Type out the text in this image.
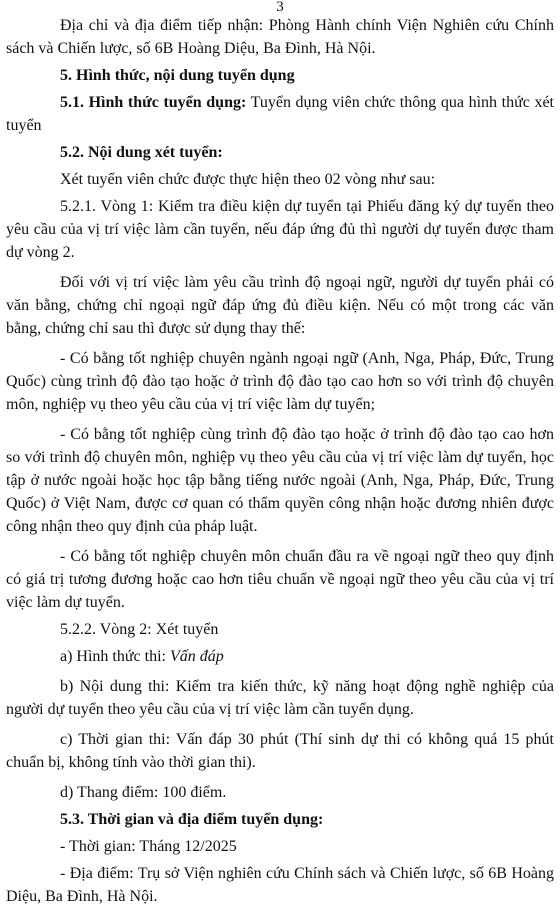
3

Địa chỉ và địa điểm tiếp nhận: Phòng Hành chính Viện Nghiên cứu Chính sách và Chiến lược, số 6B Hoàng Diệu, Ba Đình, Hà Nội.

5. Hình thức, nội dung tuyển dụng

5.1. Hình thức tuyển dụng: Tuyển dụng viên chức thông qua hình thức xét tuyển

5.2. Nội dung xét tuyển:

Xét tuyển viên chức được thực hiện theo 02 vòng như sau:

5.2.1. Vòng 1: Kiểm tra điều kiện dự tuyển tại Phiếu đăng ký dự tuyển theo yêu cầu của vị trí việc làm cần tuyển, nếu đáp ứng đủ thì người dự tuyển được tham dự vòng 2.

Đối với vị trí việc làm yêu cầu trình độ ngoại ngữ, người dự tuyển phải có văn bằng, chứng chỉ ngoại ngữ đáp ứng đủ điều kiện. Nếu có một trong các văn bằng, chứng chỉ sau thì được sử dụng thay thế:

- Có bằng tốt nghiệp chuyên ngành ngoại ngữ (Anh, Nga, Pháp, Đức, Trung Quốc) cùng trình độ đào tạo hoặc ở trình độ đào tạo cao hơn so với trình độ chuyên môn, nghiệp vụ theo yêu cầu của vị trí việc làm dự tuyển;

- Có bằng tốt nghiệp cùng trình độ đào tạo hoặc ở trình độ đào tạo cao hơn so với trình độ chuyên môn, nghiệp vụ theo yêu cầu của vị trí việc làm dự tuyển, học tập ở nước ngoài hoặc học tập bằng tiếng nước ngoài (Anh, Nga, Pháp, Đức, Trung Quốc) ở Việt Nam, được cơ quan có thẩm quyền công nhận hoặc đương nhiên được công nhận theo quy định của pháp luật.

- Có bằng tốt nghiệp chuyên môn chuẩn đầu ra về ngoại ngữ theo quy định có giá trị tương đương hoặc cao hơn tiêu chuẩn về ngoại ngữ theo yêu cầu của vị trí việc làm dự tuyển.

5.2.2. Vòng 2: Xét tuyển

a) Hình thức thi: Vấn đáp

b) Nội dung thi: Kiểm tra kiến thức, kỹ năng hoạt động nghề nghiệp của người dự tuyển theo yêu cầu của vị trí việc làm cần tuyển dụng.

c) Thời gian thi: Vấn đáp 30 phút (Thí sinh dự thi có không quá 15 phút chuẩn bị, không tính vào thời gian thi).

d) Thang điểm: 100 điểm.

5.3. Thời gian và địa điểm tuyển dụng:

- Thời gian: Tháng 12/2025

- Địa điểm: Trụ sở Viện nghiên cứu Chính sách và Chiến lược, số 6B Hoàng Diệu, Ba Đình, Hà Nội.
